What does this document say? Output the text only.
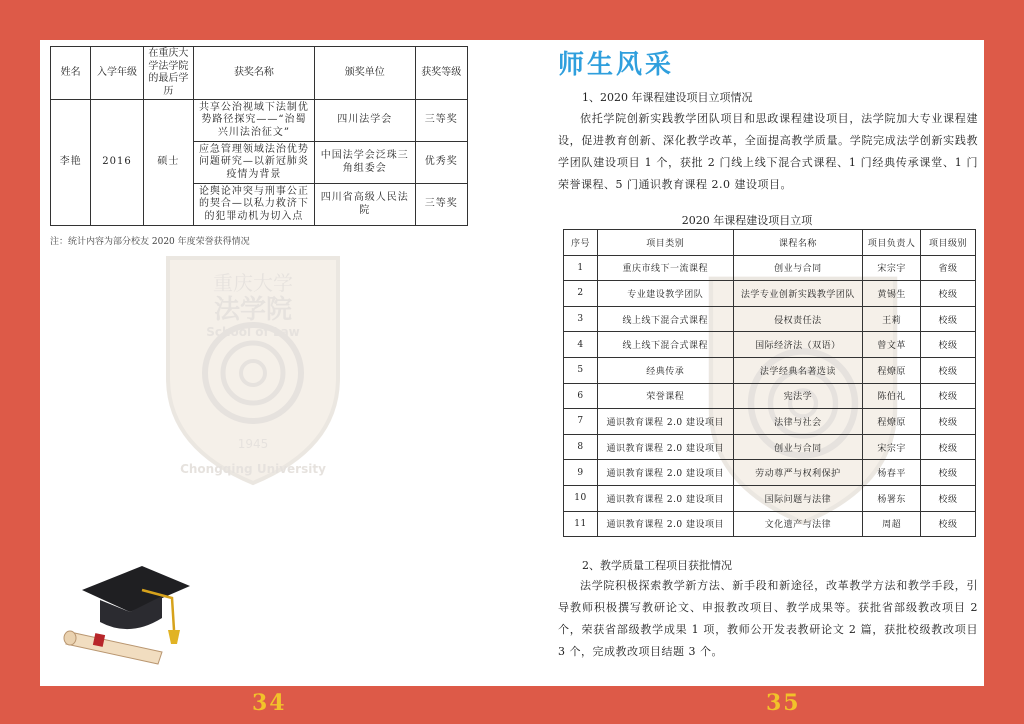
重庆大学
法学院
School of Law
1945
Chongqing University
姓名	入学年级	在重庆大学法学院的最后学历	获奖名称	颁奖单位	获奖等级
李艳	2016	硕士	共享公治视域下法制优势路径探究——“治蜀兴川法治征文”	四川法学会	三等奖
			应急管理领域法治优势问题研究—以新冠肺炎疫情为背景	中国法学会泛珠三角组委会	优秀奖
			论舆论冲突与刑事公正的契合—以私力救济下的犯罪动机为切入点	四川省高级人民法院	三等奖
注：统计内容为部分校友 2020 年度荣誉获得情况
师生风采
1、2020 年课程建设项目立项情况
依托学院创新实践教学团队项目和思政课程建设项目，法学院加大专业课程建设，促进教育创新、深化教学改革，全面提高教学质量。学院完成法学创新实践教学团队建设项目 1 个，获批 2 门线上线下混合式课程、1 门经典传承课堂、1 门荣誉课程、5 门通识教育课程 2.0 建设项目。
2020 年课程建设项目立项
序号	项目类别	课程名称	项目负责人	项目级别
1	重庆市线下一流课程	创业与合同	宋宗宇	省级
2	专业建设教学团队	法学专业创新实践教学团队	黄锡生	校级
3	线上线下混合式课程	侵权责任法	王莉	校级
4	线上线下混合式课程	国际经济法（双语）	曾文革	校级
5	经典传承	法学经典名著选读	程燎原	校级
6	荣誉课程	宪法学	陈伯礼	校级
7	通识教育课程 2.0 建设项目	法律与社会	程燎原	校级
8	通识教育课程 2.0 建设项目	创业与合同	宋宗宇	校级
9	通识教育课程 2.0 建设项目	劳动尊严与权利保护	杨春平	校级
10	通识教育课程 2.0 建设项目	国际问题与法律	杨署东	校级
11	通识教育课程 2.0 建设项目	文化遗产与法律	周超	校级
2、教学质量工程项目获批情况
法学院积极探索教学新方法、新手段和新途径，改革教学方法和教学手段，引导教师积极撰写教研论文、申报教改项目、教学成果等。获批省部级教改项目 2 个，荣获省部级教学成果 1 项，教师公开发表教研论文 2 篇，获批校级教改项目 3 个，完成教改项目结题 3 个。
34	35
